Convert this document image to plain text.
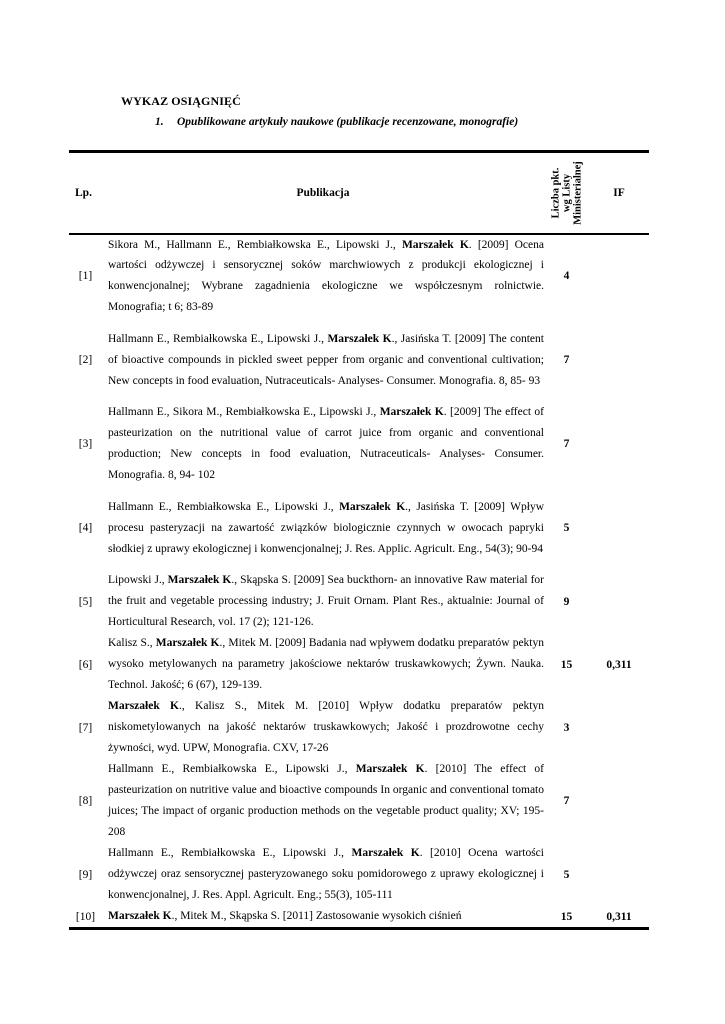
WYKAZ OSIĄGNIĘĆ
1. Opublikowane artykuły naukowe (publikacje recenzowane, monografie)
Lp.	Publikacja	Liczba pkt. wg Listy Ministerialnej	IF
[1]	Sikora M., Hallmann E., Rembiałkowska E., Lipowski J., Marszałek K. [2009] Ocena wartości odżywczej i sensorycznej soków marchwiowych z produkcji ekologicznej i konwencjonalnej; Wybrane zagadnienia ekologiczne we współczesnym rolnictwie. Monografia; t 6; 83-89	4	
[2]	Hallmann E., Rembiałkowska E., Lipowski J., Marszałek K., Jasińska T. [2009] The content of bioactive compounds in pickled sweet pepper from organic and conventional cultivation; New concepts in food evaluation, Nutraceuticals- Analyses- Consumer. Monografia. 8, 85- 93	7	
[3]	Hallmann E., Sikora M., Rembiałkowska E., Lipowski J., Marszałek K. [2009] The effect of pasteurization on the nutritional value of carrot juice from organic and conventional production; New concepts in food evaluation, Nutraceuticals- Analyses- Consumer. Monografia. 8, 94- 102	7	
[4]	Hallmann E., Rembiałkowska E., Lipowski J., Marszałek K., Jasińska T. [2009] Wpływ procesu pasteryzacji na zawartość związków biologicznie czynnych w owocach papryki słodkiej z uprawy ekologicznej i konwencjonalnej; J. Res. Applic. Agricult. Eng., 54(3); 90-94	5	
[5]	Lipowski J., Marszałek K., Skąpska S. [2009] Sea buckthorn- an innovative Raw material for the fruit and vegetable processing industry; J. Fruit Ornam. Plant Res., aktualnie: Journal of Horticultural Research, vol. 17 (2); 121-126.	9	
[6]	Kalisz S., Marszałek K., Mitek M. [2009] Badania nad wpływem dodatku preparatów pektyn wysoko metylowanych na parametry jakościowe nektarów truskawkowych; Żywn. Nauka. Technol. Jakość; 6 (67), 129-139.	15	0,311
[7]	Marszałek K., Kalisz S., Mitek M. [2010] Wpływ dodatku preparatów pektyn niskometylowanych na jakość nektarów truskawkowych; Jakość i prozdrowotne cechy żywności, wyd. UPW, Monografia. CXV, 17-26	3	
[8]	Hallmann E., Rembiałkowska E., Lipowski J., Marszałek K. [2010] The effect of pasteurization on nutritive value and bioactive compounds In organic and conventional tomato juices; The impact of organic production methods on the vegetable product quality; XV; 195-208	7	
[9]	Hallmann E., Rembiałkowska E., Lipowski J., Marszałek K. [2010] Ocena wartości odżywczej oraz sensorycznej pasteryzowanego soku pomidorowego z uprawy ekologicznej i konwencjonalnej, J. Res. Appl. Agricult. Eng.; 55(3), 105-111	5	
[10]	Marszałek K., Mitek M., Skąpska S. [2011] Zastosowanie wysokich ciśnień	15	0,311
